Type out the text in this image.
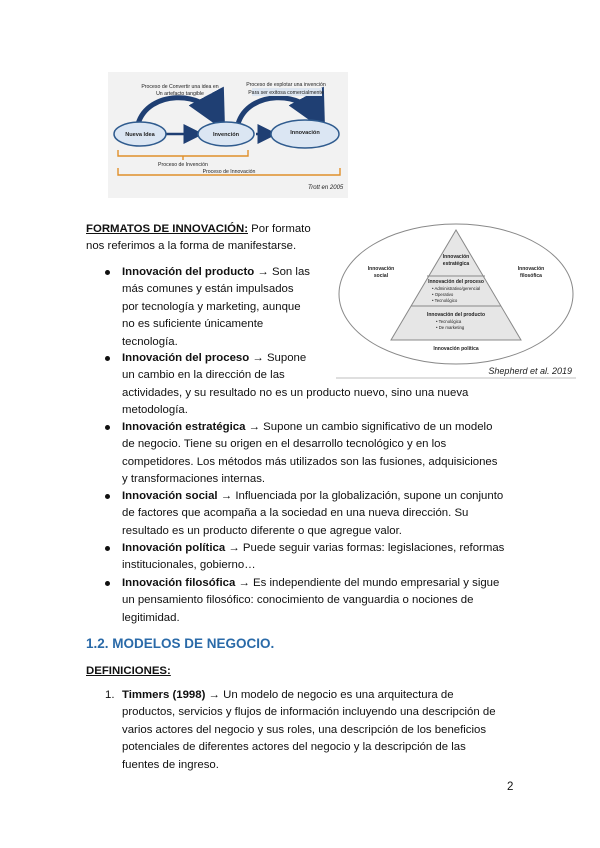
Proceso de Convertir una idea en
Un artefacto tangible
Proceso de explotar una invención
Para ser exitosa comercialmente
Nueva Idea	Invención	Innovación
Proceso de Invención
Proceso de Innovación
Trott en 2005
Innovación
estratégica
Innovación del proceso
• Administrativo/gerencial
• Operativo
• Tecnológico
Innovación del producto
• Tecnológica
• De marketing
Innovación
social
Innovación
filosófica
Innovación política
Shepherd et al. 2019
FORMATOS DE INNOVACIÓN: Por formato
nos referimos a la forma de manifestarse.
Innovación del producto → Son las
más comunes y están impulsados
por tecnología y marketing, aunque
no es suficiente únicamente
tecnología.
Innovación del proceso → Supone
un cambio en la dirección de las
actividades, y su resultado no es un producto nuevo, sino una nueva
metodología.
Innovación estratégica → Supone un cambio significativo de un modelo
de negocio. Tiene su origen en el desarrollo tecnológico y en los
competidores. Los métodos más utilizados son las fusiones, adquisiciones
y transformaciones internas.
Innovación social → Influenciada por la globalización, supone un conjunto
de factores que acompaña a la sociedad en una nueva dirección. Su
resultado es un producto diferente o que agregue valor.
Innovación política → Puede seguir varias formas: legislaciones, reformas
institucionales, gobierno…
Innovación filosófica → Es independiente del mundo empresarial y sigue
un pensamiento filosófico: conocimiento de vanguardia o nociones de
legitimidad.
1.2. MODELOS DE NEGOCIO.
DEFINICIONES:
1. Timmers (1998) → Un modelo de negocio es una arquitectura de
productos, servicios y flujos de información incluyendo una descripción de
varios actores del negocio y sus roles, una descripción de los beneficios
potenciales de diferentes actores del negocio y la descripción de las
fuentes de ingreso.
2
